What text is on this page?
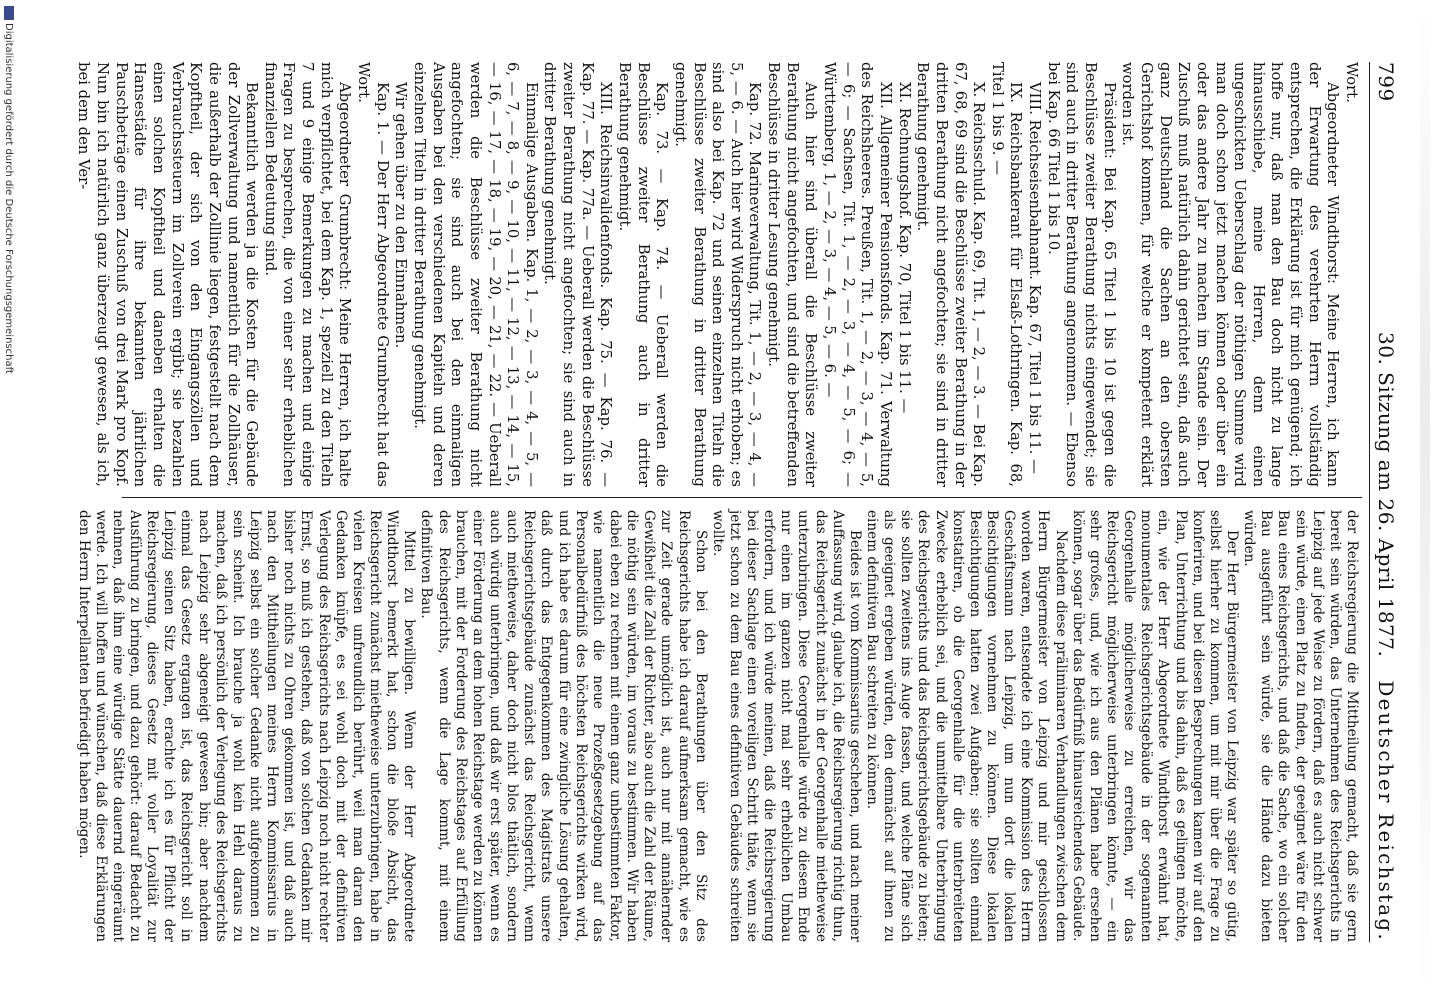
799
30. Sitzung am 26. April 1877.
Deutscher Reichstag.

Wort.

Abgeordneter Windthorst: Meine Herren, ich kann der Erwartung des verehrten Herrn vollständig entsprechen, die Erklärung ist für mich genügend; ich hoffe nur, daß man den Bau doch nicht zu lange hinausschiebe, meine Herren, denn einen ungeschickten Ueberschlag der nöthigen Summe wird man doch schon jetzt machen können oder über ein oder das andere Jahr zu machen im Stande sein. Der Zuschuß muß natürlich dahin gerichtet sein, daß auch ganz Deutschland die Sachen an den obersten Gerichtshof kommen, für welche er kompetent erklärt worden ist.

Präsident: Bei Kap. 65 Titel 1 bis 10 ist gegen die Beschlüsse zweiter Berathung nichts eingewendet; sie sind auch in dritter Berathung angenommen. — Ebenso bei Kap. 66 Titel 1 bis 10.

VIII. Reichseisenbahnamt. Kap. 67, Titel 1 bis 11. —

IX. Reichsbankerant für Elsaß-Lothringen. Kap. 68, Titel 1 bis 9. —

X. Reichsschuld. Kap. 69, Tit. 1, — 2, — 3. — Bei Kap. 67, 68, 69 sind die Beschlüsse zweiter Berathung in der dritten Berathung nicht angefochten; sie sind in dritter Berathung genehmigt.

XI. Rechnungshof. Kap. 70, Titel 1 bis 11. —

XII. Allgemeiner Pensionsfonds. Kap. 71. Verwaltung des Reichsheeres. Preußen, Tit. 1, — 2, — 3, — 4, — 5, — 6; — Sachsen, Tit. 1, — 2, — 3, — 4, — 5, — 6; — Württemberg, 1, — 2, — 3, — 4, — 5, — 6. —

Auch hier sind überall die Beschlüsse zweiter Berathung nicht angefochten, und sind die betreffenden Beschlüsse in dritter Lesung genehmigt.

Kap. 72. Marineverwaltung, Tit. 1, — 2, — 3, — 4, — 5, — 6. — Auch hier wird Widerspruch nicht erhoben; es sind also bei Kap. 72 und seinen einzelnen Titeln die Beschlüsse zweiter Berathung in dritter Berathung genehmigt.

Kap. 73. — Kap. 74. — Ueberall werden die Beschlüsse zweiter Berathung auch in dritter Berathung genehmigt.

XIII. Reichsinvalidenfonds. Kap. 75. — Kap. 76. — Kap. 77. — Kap. 77a. — Ueberall werden die Beschlüsse zweiter Berathung nicht angefochten; sie sind auch in dritter Berathung genehmigt.

Einmalige Ausgaben. Kap. 1, — 2, — 3, — 4, — 5, — 6, — 7, — 8, — 9, — 10, — 11, — 12, — 13, — 14, — 15, — 16, — 17, — 18, — 19, — 20, — 21, — 22. — Ueberall werden die Beschlüsse zweiter Berathung nicht angefochten; sie sind auch bei den einmaligen Ausgaben bei den verschiedenen Kapiteln und deren einzelnen Titeln in dritter Berathung genehmigt.

Wir gehen über zu den Einnahmen.

Kap. 1. — Der Herr Abgeordnete Grumbrecht hat das Wort.

Abgeordneter Grumbrecht: Meine Herren, ich halte mich verpflichtet, bei dem Kap. 1, speziell zu den Titeln 7 und 9 einige Bemerkungen zu machen und einige Fragen zu besprechen, die von einer sehr erheblichen finanziellen Bedeutung sind.

Bekanntlich werden ja die Kosten für die Gebäude der Zollverwaltung und namentlich für die Zollhäuser, die außerhalb der Zolllinie liegen, festgestellt nach dem Kopftheil, der sich von den Eingangszöllen und Verbrauchssteuern im Zollverein ergibt; sie bezahlen einen solchen Kopftheil und daneben erhalten die Hansestädte für ihre bekannten jährlichen Pauschbeträge einen Zuschuß von drei Mark pro Kopf. Nun bin ich natürlich ganz überzeugt gewesen, als ich, bei dem den Ver-

der Reichsregierung die Mittheilung gemacht, daß sie gern bereit sein würden, das Unternehmen des Reichsgerichts in Leipzig auf jede Weise zu fördern, daß es auch nicht schwer sein würde, einen Platz zu finden, der geeignet wäre für den Bau eines Reichsgerichts, und daß die Sache, wo ein solcher Bau ausgeführt sein würde, sie die Hände dazu bieten würden.

Der Herr Bürgermeister von Leipzig war später so gütig, selbst hierher zu kommen, um mit mir über die Frage zu konferiren, und bei diesen Besprechungen kamen wir auf den Plan, Unterrichtung und bis dahin, daß es gelingen möchte, ein, wie der Herr Abgeordnete Windthorst erwähnt hat, monumentales Reichsgerichtsgebäude in der sogenannten Georgenhalle möglicherweise zu erreichen, wir das Reichsgericht möglicherweise unterbringen könnte, — ein sehr großes, und, wie ich aus den Plänen habe ersehen können, sogar über das Bedürfniß hinausreichendes Gebäude.

Nachdem diese präliminaren Verhandlungen zwischen dem Herrn Bürgermeister von Leipzig und mir geschlossen worden waren, entsendete ich eine Kommission des Herrn Geschäftsmann nach Leipzig, um nun dort die lokalen Besichtigungen vornehmen zu können. Diese lokalen Besichtigungen hatten zwei Aufgaben; sie sollten einmal konstatiren, ob die Georgenhalle für die unterbreiteten Zwecke erheblich sei, und die unmittelbare Unterbringung des Reichsgerichts und das Reichsgerichtsgebäude zu bieten; sie sollten zweitens ins Auge fassen, und welche Pläne sich als geeignet ergeben würden, den demnächst auf ihnen zu einem definitiven Bau schreiten zu können.

Beides ist vom Kommissarius geschehen, und nach meiner Auffassung wird, glaube ich, die Reichsregierung richtig thun, das Reichsgericht zunächst in der Georgenhalle mietheweise unterzubringen. Diese Georgenhalle würde zu diesem Ende nur einen im ganzen nicht mal sehr erheblichen Umbau erfordern, und ich würde meinen, daß die Reichsregierung bei dieser Sachlage einen voreiligen Schritt thäte, wenn sie jetzt schon zu dem Bau eines definitiven Gebäudes schreiten wollte.

Schon bei den Berathungen über den Sitz des Reichsgerichts habe ich darauf aufmerksam gemacht, wie es zur Zeit gerade unmöglich ist, auch nur mit annähernder Gewißheit die Zahl der Richter, also auch die Zahl der Räume, die nöthig sein würden, im voraus zu bestimmen. Wir haben dabei eben zu rechnen mit einem ganz unbestimmten Faktor, wie namentlich die neue Prozeßgesetzgebung auf das Personalbedürfniß des höchsten Reichsgerichts wirken wird, und ich habe es darum für eine zwingliche Lösung gehalten, daß durch das Entgegenkommen des Magistrats unsere Reichsgerichtsgebäude zunächst das Reichsgericht, wenn auch mietheweise, daher doch nicht blos thätlich, sondern auch würdig unterbringen, und daß wir erst später, wenn es einer Förderung an dem hohen Reichstage werden zu können brauchen, mit der Forderung des Reichstages auf Erfüllung des Reichsgerichts, wenn die Lage kommt, mit einem definitiven Bau.

Mittel zu bewilligen. Wenn der Herr Abgeordnete Windthorst bemerkt hat, schon die bloße Absicht, das Reichsgericht zunächst mietheweise unterzubringen, habe in vielen Kreisen unfreundlich berührt, weil man daran den Gedanken knüpfe, es sei wohl doch mit der definitiven Verlegung des Reichsgerichts nach Leipzig noch nicht rechter Ernst, so muß ich gestehen, daß von solchen Gedanken mir bisher noch nichts zu Ohren gekommen ist, und daß auch nach den Mittheilungen meines Herrn Kommissarius in Leipzig selbst ein solcher Gedanke nicht aufgekommen zu sein scheint. Ich brauche ja wohl kein Hehl daraus zu machen, daß ich persönlich der Verlegung des Reichsgerichts nach Leipzig sehr abgeneigt gewesen bin; aber nachdem einmal das Gesetz ergangen ist, das Reichsgericht soll in Leipzig seinen Sitz haben, erachte ich es für Pflicht der Reichsregierung, dieses Gesetz mit voller Loyalität zur Ausführung zu bringen, und dazu gehört: darauf Bedacht zu nehmen, daß ihm eine würdige Stätte dauernd eingeräumt werde. Ich will hoffen und wünschen, daß diese Erklärungen den Herrn Interpellanten befriedigt haben mögen.

Digitalisierung gefördert durch die Deutsche Forschungsgemeinschaft
